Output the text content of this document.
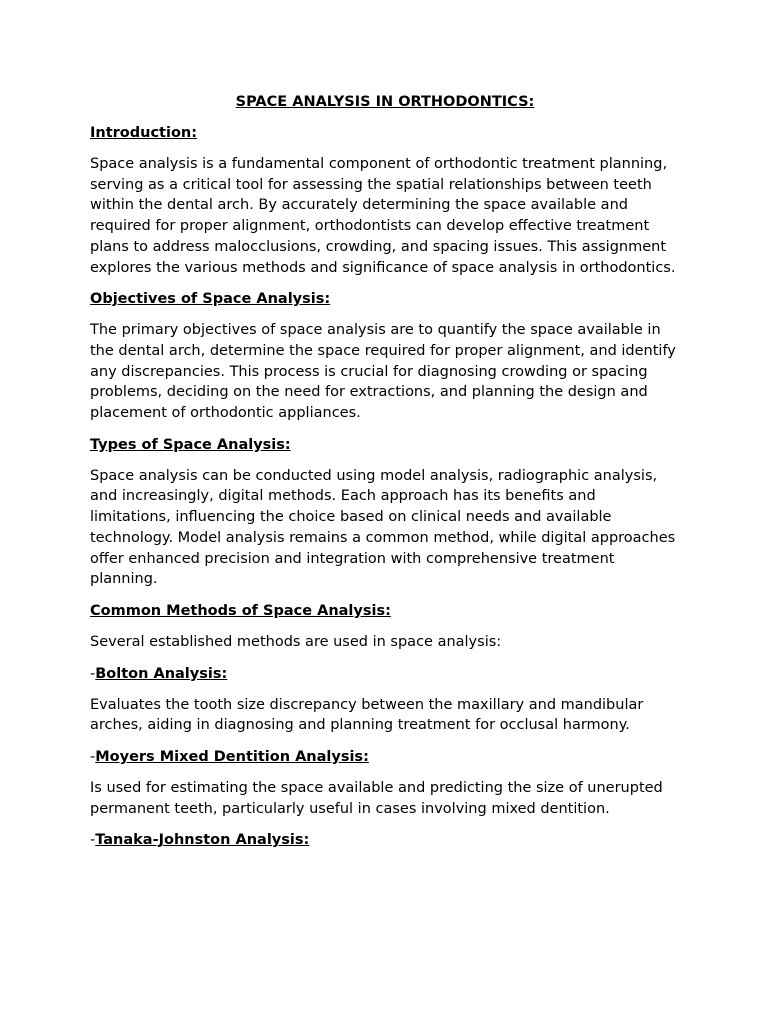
SPACE ANALYSIS IN ORTHODONTICS:
Introduction:

Space analysis is a fundamental component of orthodontic treatment planning, serving as a critical tool for assessing the spatial relationships between teeth within the dental arch. By accurately determining the space available and required for proper alignment, orthodontists can develop effective treatment plans to address malocclusions, crowding, and spacing issues. This assignment explores the various methods and significance of space analysis in orthodontics.

Objectives of Space Analysis:

The primary objectives of space analysis are to quantify the space available in the dental arch, determine the space required for proper alignment, and identify any discrepancies. This process is crucial for diagnosing crowding or spacing problems, deciding on the need for extractions, and planning the design and placement of orthodontic appliances.

Types of Space Analysis:

Space analysis can be conducted using model analysis, radiographic analysis, and increasingly, digital methods. Each approach has its benefits and limitations, influencing the choice based on clinical needs and available technology. Model analysis remains a common method, while digital approaches offer enhanced precision and integration with comprehensive treatment planning.

Common Methods of Space Analysis:

Several established methods are used in space analysis:

-Bolton Analysis:

Evaluates the tooth size discrepancy between the maxillary and mandibular arches, aiding in diagnosing and planning treatment for occlusal harmony.

-Moyers Mixed Dentition Analysis:

Is used for estimating the space available and predicting the size of unerupted permanent teeth, particularly useful in cases involving mixed dentition.

-Tanaka-Johnston Analysis:
